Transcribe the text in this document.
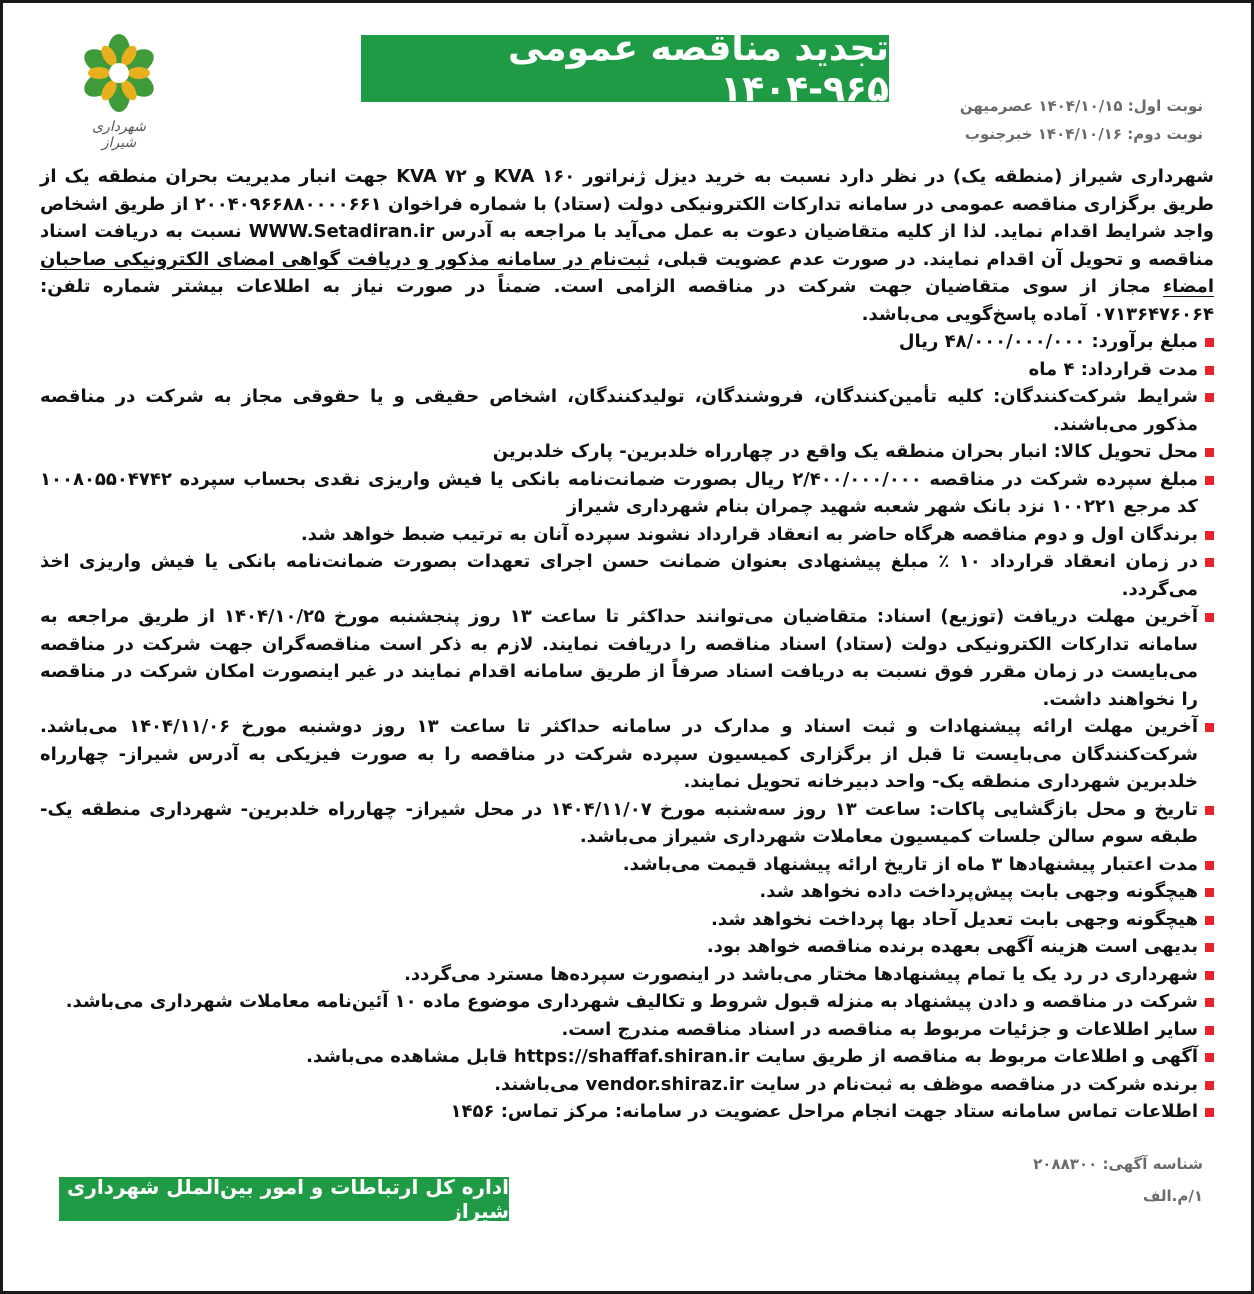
شهرداری شیراز
تجدید مناقصه عمومی ۹۶۵-۱۴۰۴	نوبت اول: ۱۴۰۴/۱۰/۱۵ عصرمیهن
نوبت دوم: ۱۴۰۴/۱۰/۱۶ خبرجنوب

شهرداری شیراز (منطقه یک) در نظر دارد نسبت به خرید دیزل ژنراتور KVA ۱۶۰ و KVA ۷۲ جهت انبار مدیریت بحران منطقه یک از طریق برگزاری مناقصه عمومی در سامانه تدارکات الکترونیکی دولت (ستاد) با شماره فراخوان ۲۰۰۴۰۹۶۶۸۸۰۰۰۰۶۶۱ از طریق اشخاص واجد شرایط اقدام نماید. لذا از کلیه متقاضیان دعوت به عمل می‌آید با مراجعه به آدرس WWW.Setadiran.ir نسبت به دریافت اسناد مناقصه و تحویل آن اقدام نمایند. در صورت عدم عضویت قبلی، ثبت‌نام در سامانه مذکور و دریافت گواهی امضای الکترونیکی صاحبان امضاء مجاز از سوی متقاضیان جهت شرکت در مناقصه الزامی است. ضمناً در صورت نیاز به اطلاعات بیشتر شماره تلفن: ۰۷۱۳۶۴۷۶۰۶۴ آماده پاسخ‌گویی می‌باشد.

مبلغ برآورد: ۴۸/۰۰۰/۰۰۰/۰۰۰ ریال
مدت قرارداد: ۴ ماه
شرایط شرکت‌کنندگان: کلیه تأمین‌کنندگان، فروشندگان، تولیدکنندگان، اشخاص حقیقی و یا حقوقی مجاز به شرکت در مناقصه مذکور می‌باشند.
محل تحویل کالا: انبار بحران منطقه یک واقع در چهارراه خلدبرین- پارک خلدبرین
مبلغ سپرده شرکت در مناقصه ۲/۴۰۰/۰۰۰/۰۰۰ ریال بصورت ضمانت‌نامه بانکی یا فیش واریزی نقدی بحساب سپرده ۱۰۰۸۰۵۵۰۴۷۴۲ کد مرجع ۱۰۰۲۲۱ نزد بانک شهر شعبه شهید چمران بنام شهرداری شیراز
برندگان اول و دوم مناقصه هرگاه حاضر به انعقاد قرارداد نشوند سپرده آنان به ترتیب ضبط خواهد شد.
در زمان انعقاد قرارداد ۱۰ ٪ مبلغ پیشنهادی بعنوان ضمانت حسن اجرای تعهدات بصورت ضمانت‌نامه بانکی یا فیش واریزی اخذ می‌گردد.
آخرین مهلت دریافت (توزیع) اسناد: متقاضیان می‌توانند حداکثر تا ساعت ۱۳ روز پنجشنبه مورخ ۱۴۰۴/۱۰/۲۵ از طریق مراجعه به سامانه تدارکات الکترونیکی دولت (ستاد) اسناد مناقصه را دریافت نمایند. لازم به ذکر است مناقصه‌گران جهت شرکت در مناقصه می‌بایست در زمان مقرر فوق نسبت به دریافت اسناد صرفاً از طریق سامانه اقدام نمایند در غیر اینصورت امکان شرکت در مناقصه را نخواهند داشت.
آخرین مهلت ارائه پیشنهادات و ثبت اسناد و مدارک در سامانه حداکثر تا ساعت ۱۳ روز دوشنبه مورخ ۱۴۰۴/۱۱/۰۶ می‌باشد. شرکت‌کنندگان می‌بایست تا قبل از برگزاری کمیسیون سپرده شرکت در مناقصه را به صورت فیزیکی به آدرس شیراز- چهارراه خلدبرین شهرداری منطقه یک- واحد دبیرخانه تحویل نمایند.
تاریخ و محل بازگشایی پاکات: ساعت ۱۳ روز سه‌شنبه مورخ ۱۴۰۴/۱۱/۰۷ در محل شیراز- چهارراه خلدبرین- شهرداری منطقه یک- طبقه سوم سالن جلسات کمیسیون معاملات شهرداری شیراز می‌باشد.
مدت اعتبار پیشنهادها ۳ ماه از تاریخ ارائه پیشنهاد قیمت می‌باشد.
هیچگونه وجهی بابت پیش‌پرداخت داده نخواهد شد.
هیچگونه وجهی بابت تعدیل آحاد بها پرداخت نخواهد شد.
بدیهی است هزینه آگهی بعهده برنده مناقصه خواهد بود.
شهرداری در رد یک یا تمام پیشنهادها مختار می‌باشد در اینصورت سپرده‌ها مسترد می‌گردد.
شرکت در مناقصه و دادن پیشنهاد به منزله قبول شروط و تکالیف شهرداری موضوع ماده ۱۰ آئین‌نامه معاملات شهرداری می‌باشد.
سایر اطلاعات و جزئیات مربوط به مناقصه در اسناد مناقصه مندرج است.
آگهی و اطلاعات مربوط به مناقصه از طریق سایت https://shaffaf.shiran.ir قابل مشاهده می‌باشد.
برنده شرکت در مناقصه موظف به ثبت‌نام در سایت vendor.shiraz.ir می‌باشند.
اطلاعات تماس سامانه ستاد جهت انجام مراحل عضویت در سامانه: مرکز تماس: ۱۴۵۶
شناسه آگهی: ۲۰۸۸۳۰۰
۱/م.الف
اداره کل ارتباطات و امور بین‌الملل شهرداری شیراز
